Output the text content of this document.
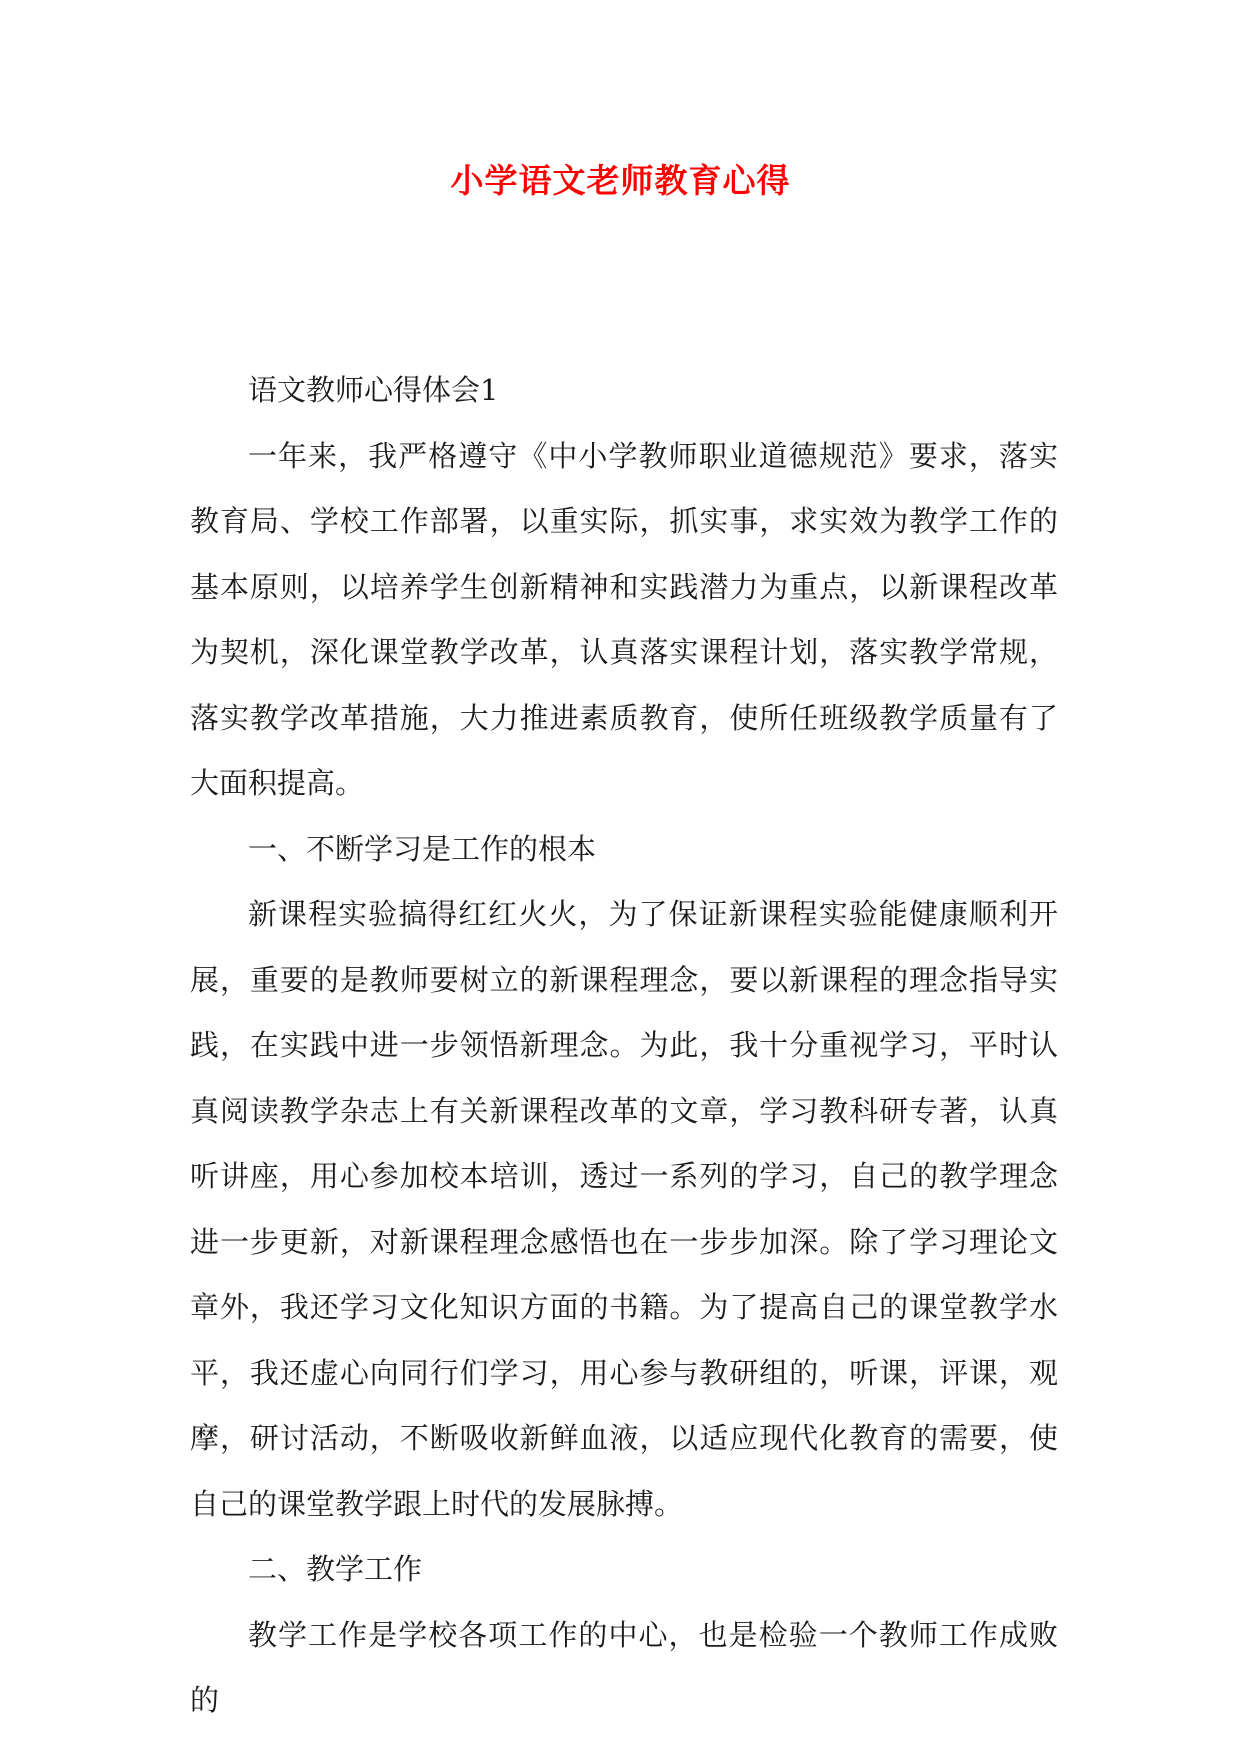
小学语文老师教育心得

语文教师心得体会1

一年来，我严格遵守《中小学教师职业道德规范》要求，落实教育局、学校工作部署，以重实际，抓实事，求实效为教学工作的基本原则，以培养学生创新精神和实践潜力为重点，以新课程改革为契机，深化课堂教学改革，认真落实课程计划，落实教学常规，落实教学改革措施，大力推进素质教育，使所任班级教学质量有了大面积提高。

一、不断学习是工作的根本

新课程实验搞得红红火火，为了保证新课程实验能健康顺利开展，重要的是教师要树立的新课程理念，要以新课程的理念指导实践，在实践中进一步领悟新理念。为此，我十分重视学习，平时认真阅读教学杂志上有关新课程改革的文章，学习教科研专著，认真听讲座，用心参加校本培训，透过一系列的学习，自己的教学理念进一步更新，对新课程理念感悟也在一步步加深。除了学习理论文章外，我还学习文化知识方面的书籍。为了提高自己的课堂教学水平，我还虚心向同行们学习，用心参与教研组的，听课，评课，观摩，研讨活动，不断吸收新鲜血液，以适应现代化教育的需要，使自己的课堂教学跟上时代的发展脉搏。

二、教学工作

教学工作是学校各项工作的中心，也是检验一个教师工作成败的
